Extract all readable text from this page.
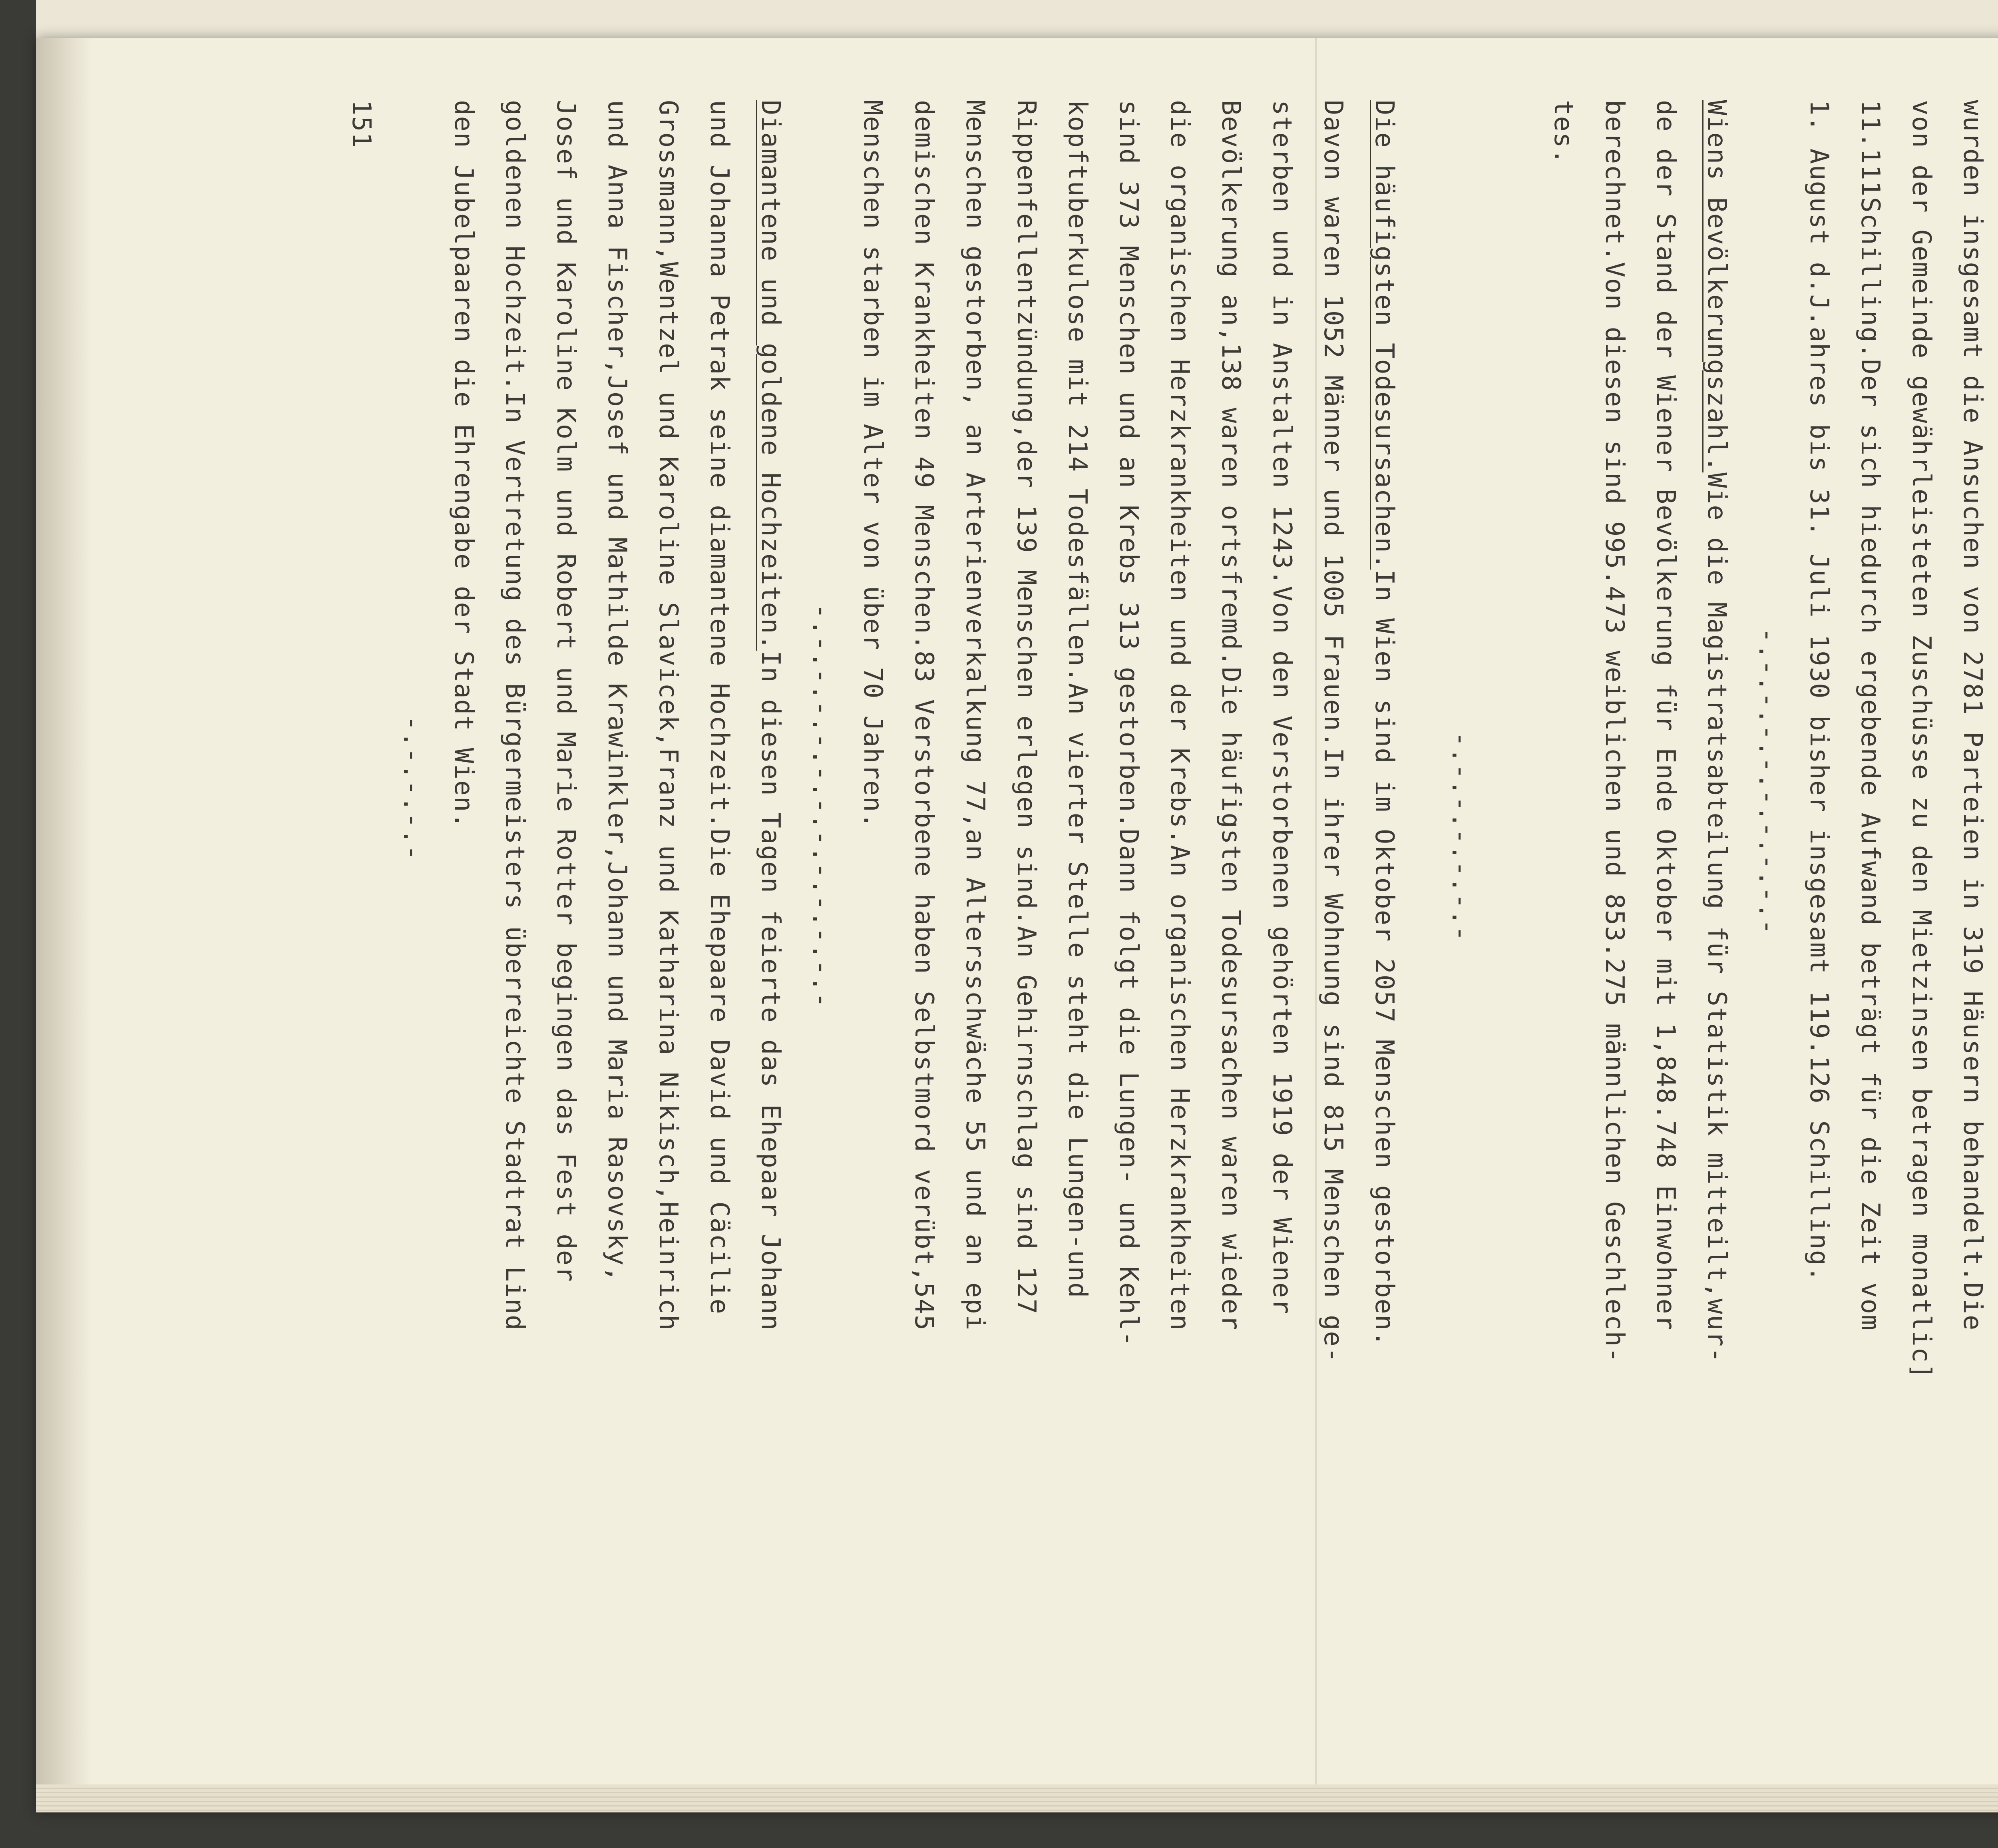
wurden insgesamt die Ansuchen von 2781 Parteien in 319 Häusern behandelt.Die
von der Gemeinde gewährleisteten Zuschüsse zu den Mietzinsen betragen monatlic]
11.111Schilling.Der sich hiedurch ergebende Aufwand beträgt für die Zeit vom
1. August d.J.ahres bis 31. Juli 1930 bisher insgesamt 119.126 Schilling.
-.-.-.-.-.-.-.-.-.-
Wiens Bevölkerungszahl.Wie die Magistratsabteilung für Statistik mitteilt,wur-
de der Stand der Wiener Bevölkerung für Ende Oktober mit 1,848.748 Einwohner
berechnet.Von diesen sind 995.473 weiblichen und 853.275 männlichen Geschlech-
tes.
-.-.-.-.-.-.-
Die häufigsten Todesursachen.In Wien sind im Oktober 2057 Menschen gestorben.
Davon waren 1052 Männer und 1005 Frauen.In ihrer Wohnung sind 815 Menschen ge-
sterben und in Anstalten 1243.Von den Verstorbenen gehörten 1919 der Wiener
Bevölkerung an,138 waren ortsfremd.Die häufigsten Todesursachen waren wieder
die organischen Herzkrankheiten und der Krebs.An organischen Herzkrankheiten
sind 373 Menschen und an Krebs 313 gestorben.Dann folgt die Lungen- und Kehl-
kopftuberkulose mit 214 Todesfällen.An vierter Stelle steht die Lungen-und
Rippenfellentzündung,der 139 Menschen erlegen sind.An Gehirnschlag sind 127
Menschen gestorben, an Arterienverkalkung 77,an Altersschwäche 55 und an epi
demischen Krankheiten 49 Menschen.83 Verstorbene haben Selbstmord verübt,545
Menschen starben im Alter von über 70 Jahren.
-.-.-.-.-.-.-.-.-.-.-.-.-
Diamantene und goldene Hochzeiten.In diesen Tagen feierte das Ehepaar Johann
und Johanna Petrak seine diamantene Hochzeit.Die Ehepaare David und Cäcilie
Grossmann,Wentzel und Karoline Slavicek,Franz und Katharina Nikisch,Heinrich
und Anna Fischer,Josef und Mathilde Krawinkler,Johann und Maria Rasovsky,
Josef und Karoline Kolm und Robert und Marie Rotter begingen das Fest der
goldenen Hochzeit.In Vertretung des Bürgermeisters überreichte Stadtrat Lind
den Jubelpaaren die Ehrengabe der Stadt Wien.
-.-.-.-.-
151
